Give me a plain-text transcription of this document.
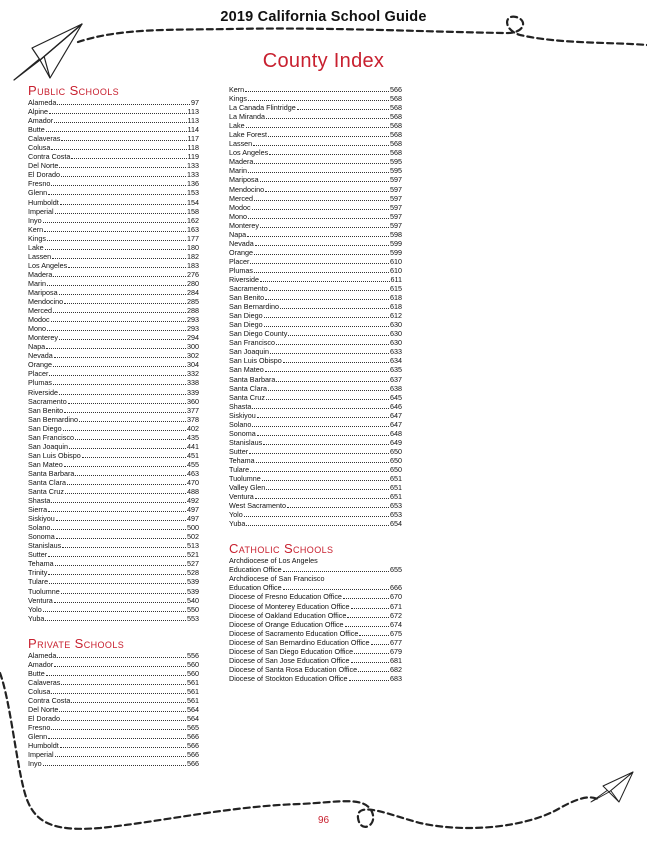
2019 California School Guide
County Index
Public Schools
Alameda	97
Alpine	113
Amador	113
Butte	114
Calaveras	117
Colusa	118
Contra Costa	119
Del Norte	133
El Dorado	133
Fresno	136
Glenn	153
Humboldt	154
Imperial	158
Inyo	162
Kern	163
Kings	177
Lake	180
Lassen	182
Los Angeles	183
Madera	276
Marin	280
Mariposa	284
Mendocino	285
Merced	288
Modoc	293
Mono	293
Monterey	294
Napa	300
Nevada	302
Orange	304
Placer	332
Plumas	338
Riverside	339
Sacramento	360
San Benito	377
San Bernardino	378
San Diego	402
San Francisco	435
San Joaquin	441
San Luis Obispo	451
San Mateo	455
Santa Barbara	463
Santa Clara	470
Santa Cruz	488
Shasta	492
Sierra	497
Siskiyou	497
Solano	500
Sonoma	502
Stanislaus	513
Sutter	521
Tehama	527
Trinity	528
Tulare	539
Tuolumne	539
Ventura	540
Yolo	550
Yuba	553
Private Schools
Alameda	556
Amador	560
Butte	560
Calaveras	561
Colusa	561
Contra Costa	561
Del Norte	564
El Dorado	564
Fresno	565
Glenn	566
Humboldt	566
Imperial	566
Inyo	566
Kern	566
Kings	568
La Canada Flintridge	568
La Miranda	568
Lake	568
Lake Forest	568
Lassen	568
Los Angeles	568
Madera	595
Marin	595
Mariposa	597
Mendocino	597
Merced	597
Modoc	597
Mono	597
Monterey	597
Napa	598
Nevada	599
Orange	599
Placer	610
Plumas	610
Riverside	611
Sacramento	615
San Benito	618
San Bernardino	618
San Diego	612
San Diego	630
San Diego County	630
San Francisco	630
San Joaquin	633
San Luis Obispo	634
San Mateo	635
Santa Barbara	637
Santa Clara	638
Santa Cruz	645
Shasta	646
Siskiyou	647
Solano	647
Sonoma	648
Stanislaus	649
Sutter	650
Tehama	650
Tulare	650
Tuolumne	651
Valley Glen	651
Ventura	651
West Sacramento	653
Yolo	653
Yuba	654
Catholic Schools
Archdiocese of Los Angeles
Education Office	655
Archdiocese of San Francisco
Education Office	666
Diocese of Fresno Education Office	670
Diocese of Monterey Education Office	671
Diocese of Oakland Education Office	672
Diocese of Orange Education Office	674
Diocese of Sacramento Education Office	675
Diocese of San Bernardino Education Office	677
Diocese of San Diego Education Office	679
Diocese of San Jose Education Office	681
Diocese of Santa Rosa Education Office	682
Diocese of Stockton Education Office	683
96
